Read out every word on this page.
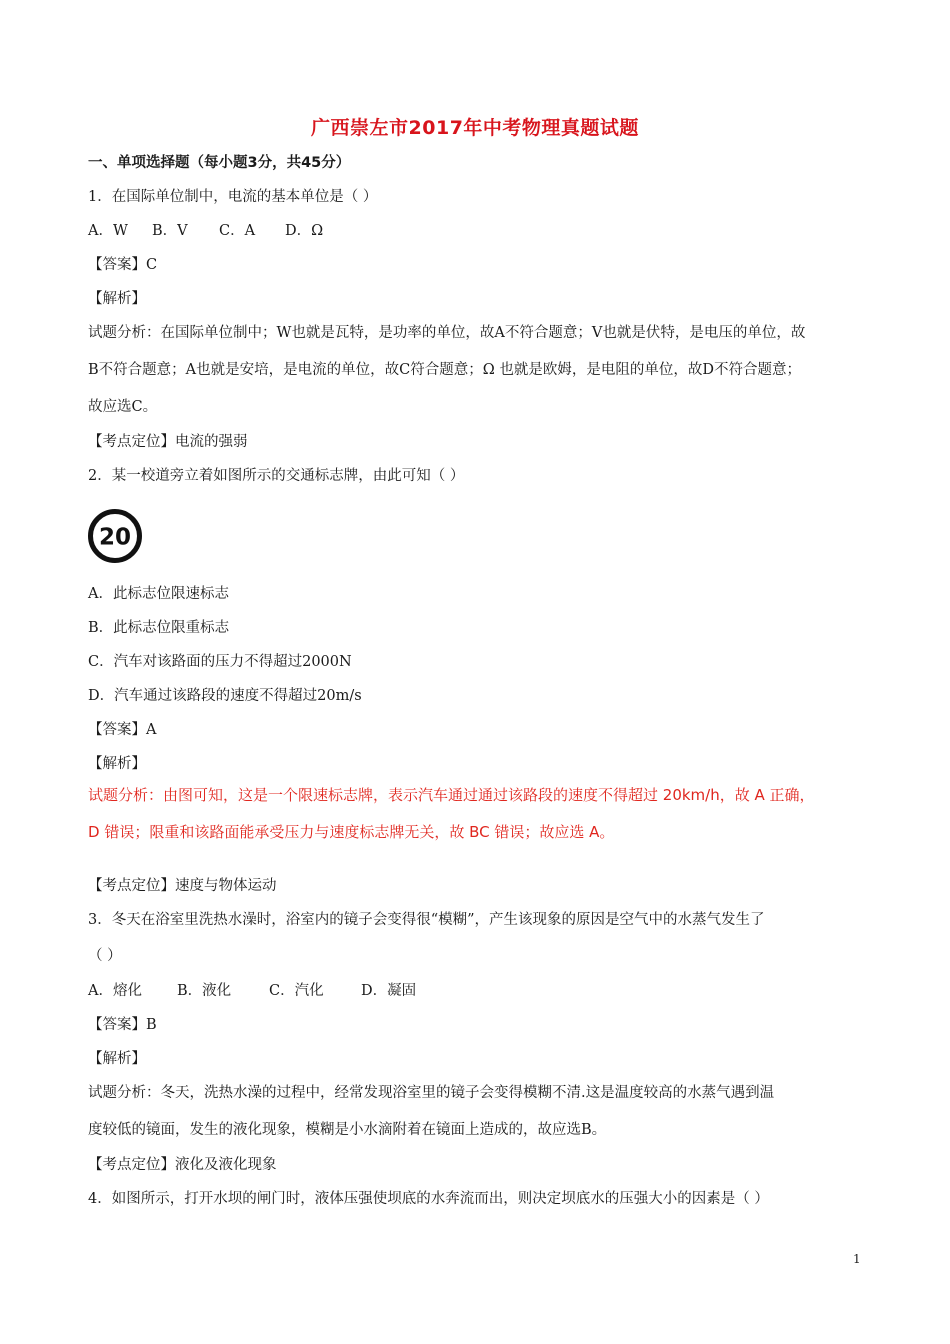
广西崇左市2017年中考物理真题试题

一、单项选择题（每小题3分，共45分）

1．在国际单位制中，电流的基本单位是（ ）

A．W B．V C．A D．Ω

【答案】C

【解析】

试题分析：在国际单位制中；W也就是瓦特，是功率的单位，故A不符合题意；V也就是伏特，是电压的单位，故

B不符合题意；A也就是安培，是电流的单位，故C符合题意；Ω 也就是欧姆，是电阻的单位，故D不符合题意；

故应选C。

【考点定位】电流的强弱

2．某一校道旁立着如图所示的交通标志牌，由此可知（ ）

20

A．此标志位限速标志

B．此标志位限重标志

C．汽车对该路面的压力不得超过2000N

D．汽车通过该路段的速度不得超过20m/s

【答案】A

【解析】

试题分析：由图可知，这是一个限速标志牌，表示汽车通过通过该路段的速度不得超过 20km/h，故 A 正确，

D 错误；限重和该路面能承受压力与速度标志牌无关，故 BC 错误；故应选 A。

【考点定位】速度与物体运动

3．冬天在浴室里洗热水澡时，浴室内的镜子会变得很“模糊”，产生该现象的原因是空气中的水蒸气发生了

（ ）

A．熔化 B．液化	C．汽化	D．凝固

【答案】B

【解析】

试题分析：冬天，洗热水澡的过程中，经常发现浴室里的镜子会变得模糊不清.这是温度较高的水蒸气遇到温

度较低的镜面，发生的液化现象，模糊是小水滴附着在镜面上造成的，故应选B。

【考点定位】液化及液化现象

4．如图所示，打开水坝的闸门时，液体压强使坝底的水奔流而出，则决定坝底水的压强大小的因素是（ ）

1
